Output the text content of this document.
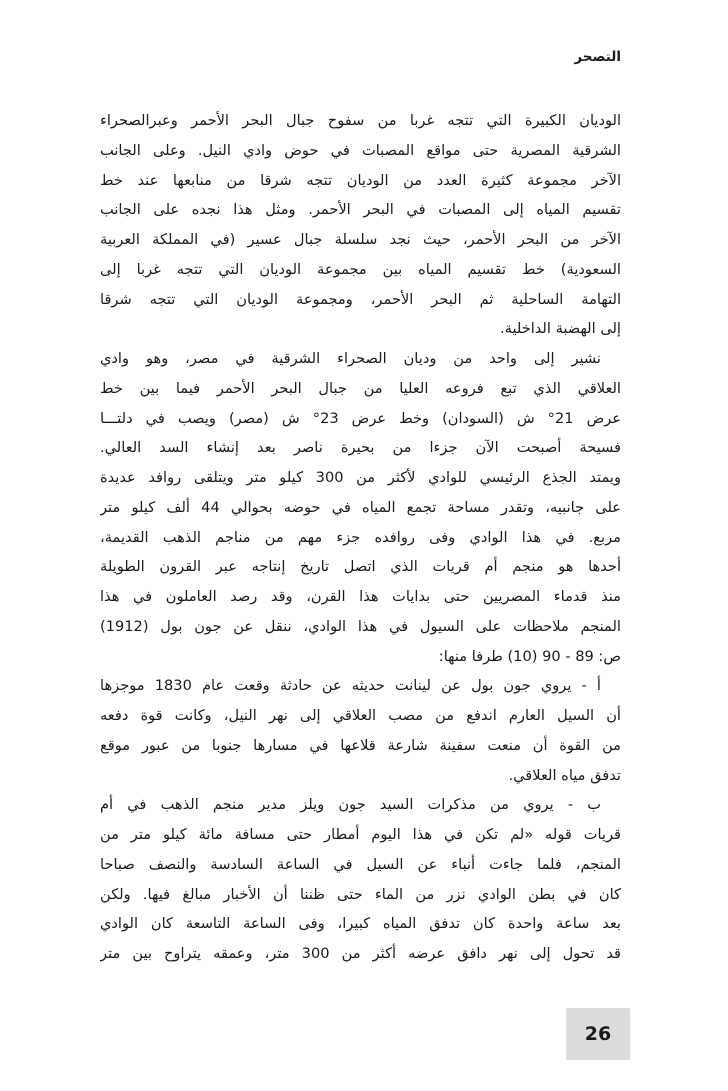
التصحر
الوديان الكبيرة التي تتجه غربا من سفوح جبال البحر الأحمر وعبرالصحراء
الشرقية المصرية حتى مواقع المصبات في حوض وادي النيل. وعلى الجانب
الآخر مجموعة كثيرة العدد من الوديان تتجه شرقا من منابعها عند خط
تقسيم المياه إلى المصبات في البحر الأحمر. ومثل هذا نجده على الجانب
الآخر من البحر الأحمر، حيث نجد سلسلة جبال عسير (في المملكة العربية
السعودية) خط تقسيم المياه بين مجموعة الوديان التي تتجه غربا إلى
التهامة الساحلية ثم البحر الأحمر، ومجموعة الوديان التي تتجه شرقا
إلى الهضبة الداخلية.
نشير إلى واحد من وديان الصحراء الشرقية في مصر، وهو وادي
العلاقي الذي تبع فروعه العليا من جبال البحر الأحمر فيما بين خط
عرض 21° ش (السودان) وخط عرض 23° ش (مصر) ويصب في دلتـــا
فسيحة أصبحت الآن جزءا من بحيرة ناصر بعد إنشاء السد العالي.
ويمتد الجذع الرئيسي للوادي لأكثر من 300 كيلو متر ويتلقى روافد عديدة
على جانبيه، وتقدر مساحة تجمع المياه في حوضه بحوالي 44 ألف كيلو متر
مربع. في هذا الوادي وفى روافده جزء مهم من مناجم الذهب القديمة،
أحدها هو منجم أم قريات الذي اتصل تاريخ إنتاجه عبر القرون الطويلة
منذ قدماء المصريين حتى بدايات هذا القرن، وقد رصد العاملون في هذا
المنجم ملاحظات على السيول في هذا الوادي، ننقل عن جون بول (1912)
ص: 89 - 90 (10) طرفا منها:
أ - يروي جون بول عن لينانت حديثه عن حادثة وقعت عام 1830 موجزها
أن السيل العارم اندفع من مصب العلاقي إلى نهر النيل، وكانت قوة دفعه
من القوة أن منعت سفينة شارعة قلاعها في مسارها جنوبا من عبور موقع
تدفق مياه العلاقي.
ب - يروي من مذكرات السيد جون ويلز مدير منجم الذهب في أم
قريات قوله «لم تكن في هذا اليوم أمطار حتى مسافة مائة كيلو متر من
المنجم، فلما جاءت أنباء عن السيل في الساعة السادسة والنصف صباحا
كان في بطن الوادي نزر من الماء حتى ظننا أن الأخبار مبالغ فيها. ولكن
بعد ساعة واحدة كان تدفق المياه كبيرا، وفى الساعة التاسعة كان الوادي
قد تحول إلى نهر دافق عرضه أكثر من 300 متر، وعمقه يتراوح بين متر
26
